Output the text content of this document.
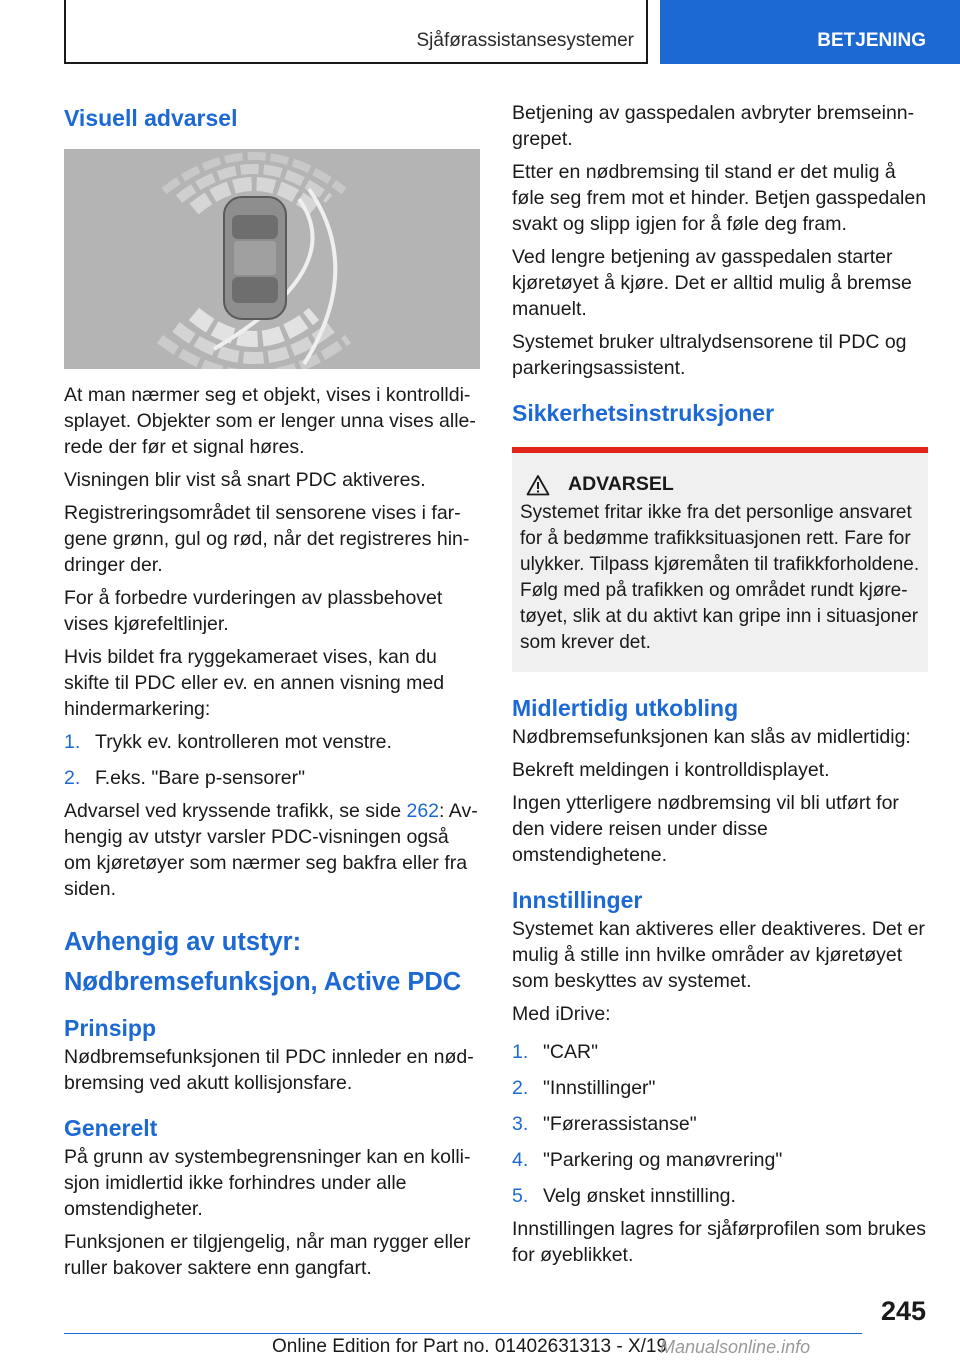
Sjåførassistansesystemer	BETJENING
Visuell advarsel

At man nærmer seg et objekt, vises i kontrolldisplayet. Objekter som er lenger unna vises allerede der før et signal høres.

Visningen blir vist så snart PDC aktiveres.

Registreringsområdet til sensorene vises i fargene grønn, gul og rød, når det registreres hindringer der.

For å forbedre vurderingen av plassbehovet vises kjørefeltlinjer.

Hvis bildet fra ryggekameraet vises, kan du skifte til PDC eller ev. en annen visning med hindermarkering:

1. Trykk ev. kontrolleren mot venstre.
2. F.eks. "Bare p-sensorer"

Advarsel ved kryssende trafikk, se side 262: Avhengig av utstyr varsler PDC-visningen også om kjøretøyer som nærmer seg bakfra eller fra siden.

Avhengig av utstyr: Nødbremsefunksjon, Active PDC
Prinsipp

Nødbremsefunksjonen til PDC innleder en nødbremsing ved akutt kollisjonsfare.

Generelt

På grunn av systembegrensninger kan en kollisjon imidlertid ikke forhindres under alle omstendigheter.

Funksjonen er tilgjengelig, når man rygger eller ruller bakover saktere enn gangfart.

Betjening av gasspedalen avbryter bremseinngrepet.

Etter en nødbremsing til stand er det mulig å føle seg frem mot et hinder. Betjen gasspedalen svakt og slipp igjen for å føle deg fram.

Ved lengre betjening av gasspedalen starter kjøretøyet å kjøre. Det er alltid mulig å bremse manuelt.

Systemet bruker ultralydsensorene til PDC og parkeringsassistent.

Sikkerhetsinstruksjoner
ADVARSEL

Systemet fritar ikke fra det personlige ansvaret for å bedømme trafikksituasjonen rett. Fare for ulykker. Tilpass kjøremåten til trafikkforholdene. Følg med på trafikken og området rundt kjøretøyet, slik at du aktivt kan gripe inn i situasjoner som krever det.

Midlertidig utkobling

Nødbremsefunksjonen kan slås av midlertidig:

Bekreft meldingen i kontrolldisplayet.

Ingen ytterligere nødbremsing vil bli utført for den videre reisen under disse omstendighetene.

Innstillinger

Systemet kan aktiveres eller deaktiveres. Det er mulig å stille inn hvilke områder av kjøretøyet som beskyttes av systemet.

Med iDrive:

1. "CAR"
2. "Innstillinger"
3. "Førerassistanse"
4. "Parkering og manøvrering"
5. Velg ønsket innstilling.

Innstillingen lagres for sjåførprofilen som brukes for øyeblikket.

245
Online Edition for Part no. 01402631313 - X/19
Manualsonline.info
